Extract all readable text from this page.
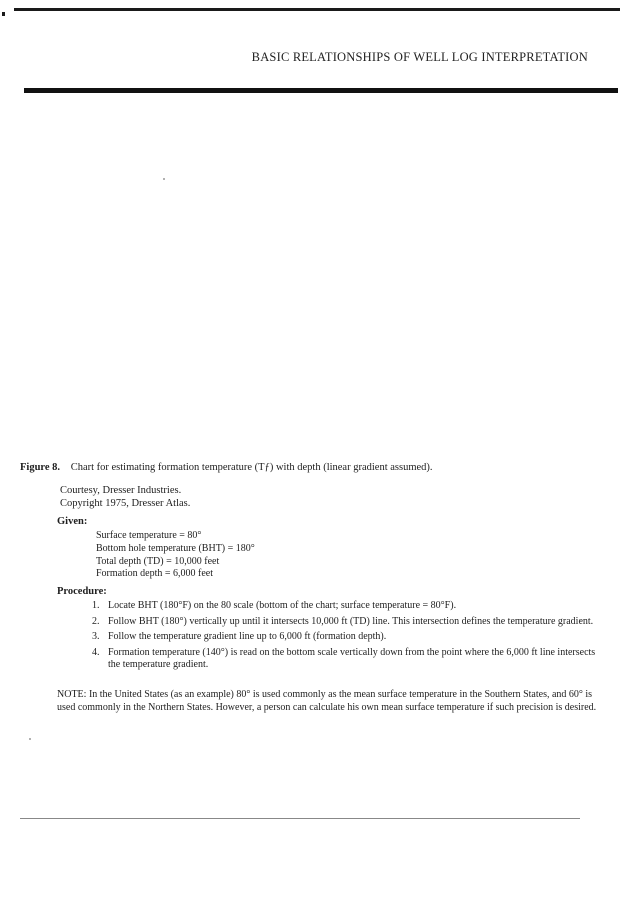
BASIC RELATIONSHIPS OF WELL LOG INTERPRETATION
Figure 8. Chart for estimating formation temperature (Tƒ) with depth (linear gradient assumed).
Courtesy, Dresser Industries.
Copyright 1975, Dresser Atlas.
Given:
Surface temperature = 80°
Bottom hole temperature (BHT) = 180°
Total depth (TD) = 10,000 feet
Formation depth = 6,000 feet
Procedure:
1. Locate BHT (180°F) on the 80 scale (bottom of the chart; surface temperature = 80°F).
2. Follow BHT (180°) vertically up until it intersects 10,000 ft (TD) line. This intersection defines the temperature gradient.
3. Follow the temperature gradient line up to 6,000 ft (formation depth).
4. Formation temperature (140°) is read on the bottom scale vertically down from the point where the 6,000 ft line intersects the temperature gradient.
NOTE: In the United States (as an example) 80° is used commonly as the mean surface temperature in the Southern States, and 60° is used commonly in the Northern States. However, a person can calculate his own mean surface temperature if such precision is desired.
